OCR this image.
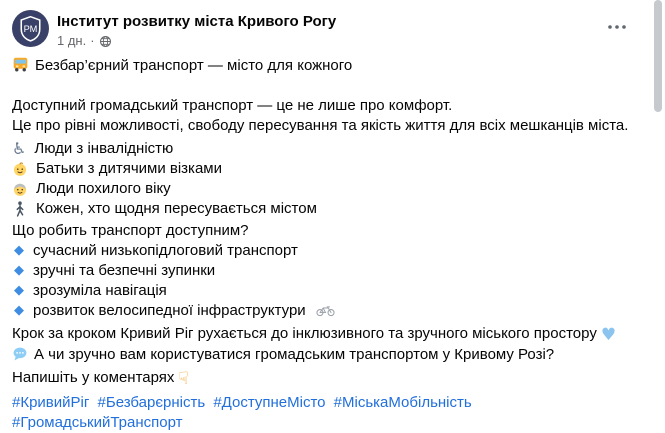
РМ Інститут розвитку міста Кривого Рогу
1 дн. ·

Безбар’єрний транспорт — місто для кожного

Доступний громадський транспорт — це не лише про комфорт.

Це про рівні можливості, свободу пересування та якість життя для всіх мешканців міста.

♿ Люди з інвалідністю
Батьки з дитячими візками
Люди похилого віку
Кожен, хто щодня пересувається містом

Що робить транспорт доступним?

◆ сучасний низькопідлоговий транспорт
◆ зручні та безпечні зупинки
◆ зрозуміла навігація
◆ розвиток велосипедної інфраструктури

Крок за кроком Кривий Ріг рухається до інклюзивного та зручного міського простору ♥

А чи зручно вам користуватися громадським транспортом у Кривому Розі?

Напишіть у коментарях ☟

#КривийРіг #Безбарєрність #ДоступнеМісто #МіськаМобільність #ГромадськийТранспорт
